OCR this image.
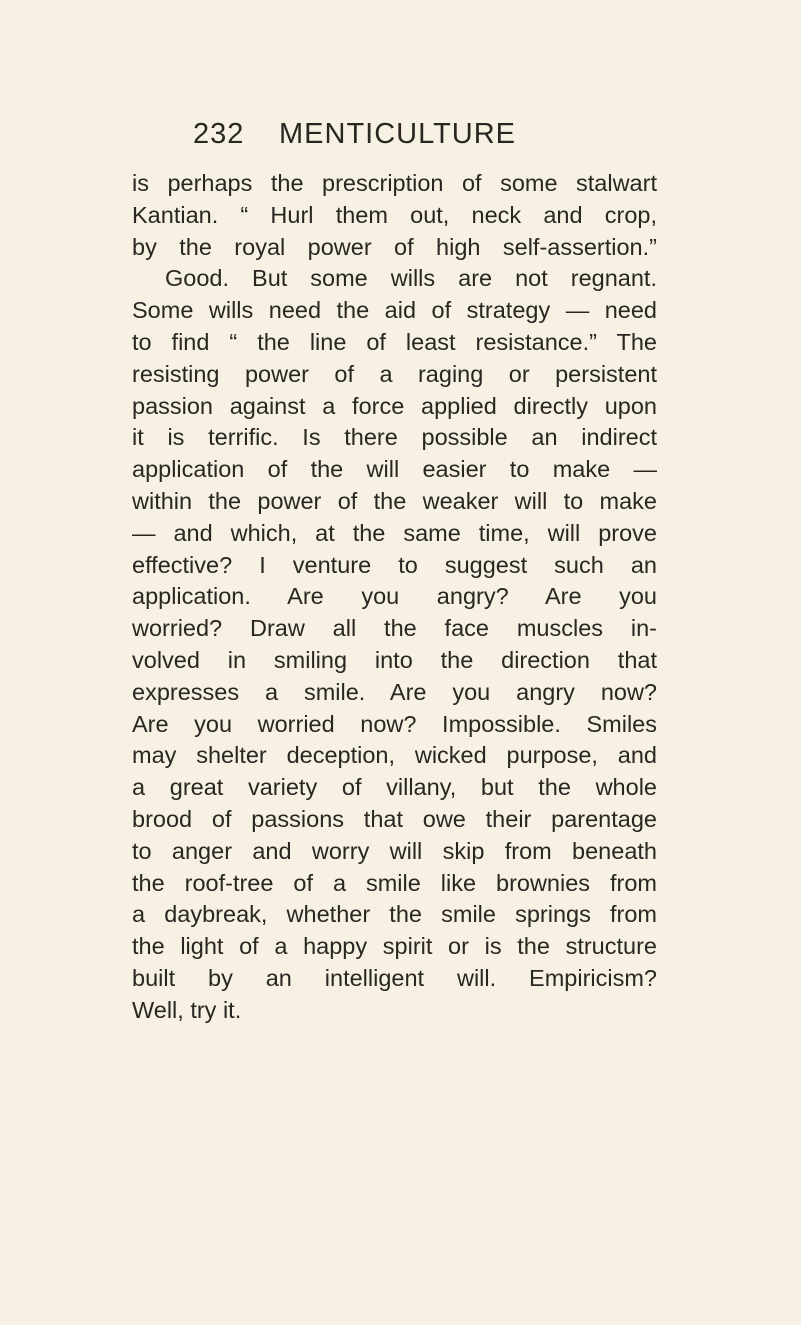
232 MENTICULTURE
is perhaps the prescription of some stalwart
Kantian. “ Hurl them out, neck and crop,
by the royal power of high self-assertion.”
Good. But some wills are not regnant.
Some wills need the aid of strategy — need
to find “ the line of least resistance.” The
resisting power of a raging or persistent
passion against a force applied directly upon
it is terrific. Is there possible an indirect
application of the will easier to make —
within the power of the weaker will to make
— and which, at the same time, will prove
effective? I venture to suggest such an
application. Are you angry? Are you
worried? Draw all the face muscles in-
volved in smiling into the direction that
expresses a smile. Are you angry now?
Are you worried now? Impossible. Smiles
may shelter deception, wicked purpose, and
a great variety of villany, but the whole
brood of passions that owe their parentage
to anger and worry will skip from beneath
the roof-tree of a smile like brownies from
a daybreak, whether the smile springs from
the light of a happy spirit or is the structure
built by an intelligent will. Empiricism?
Well, try it.
